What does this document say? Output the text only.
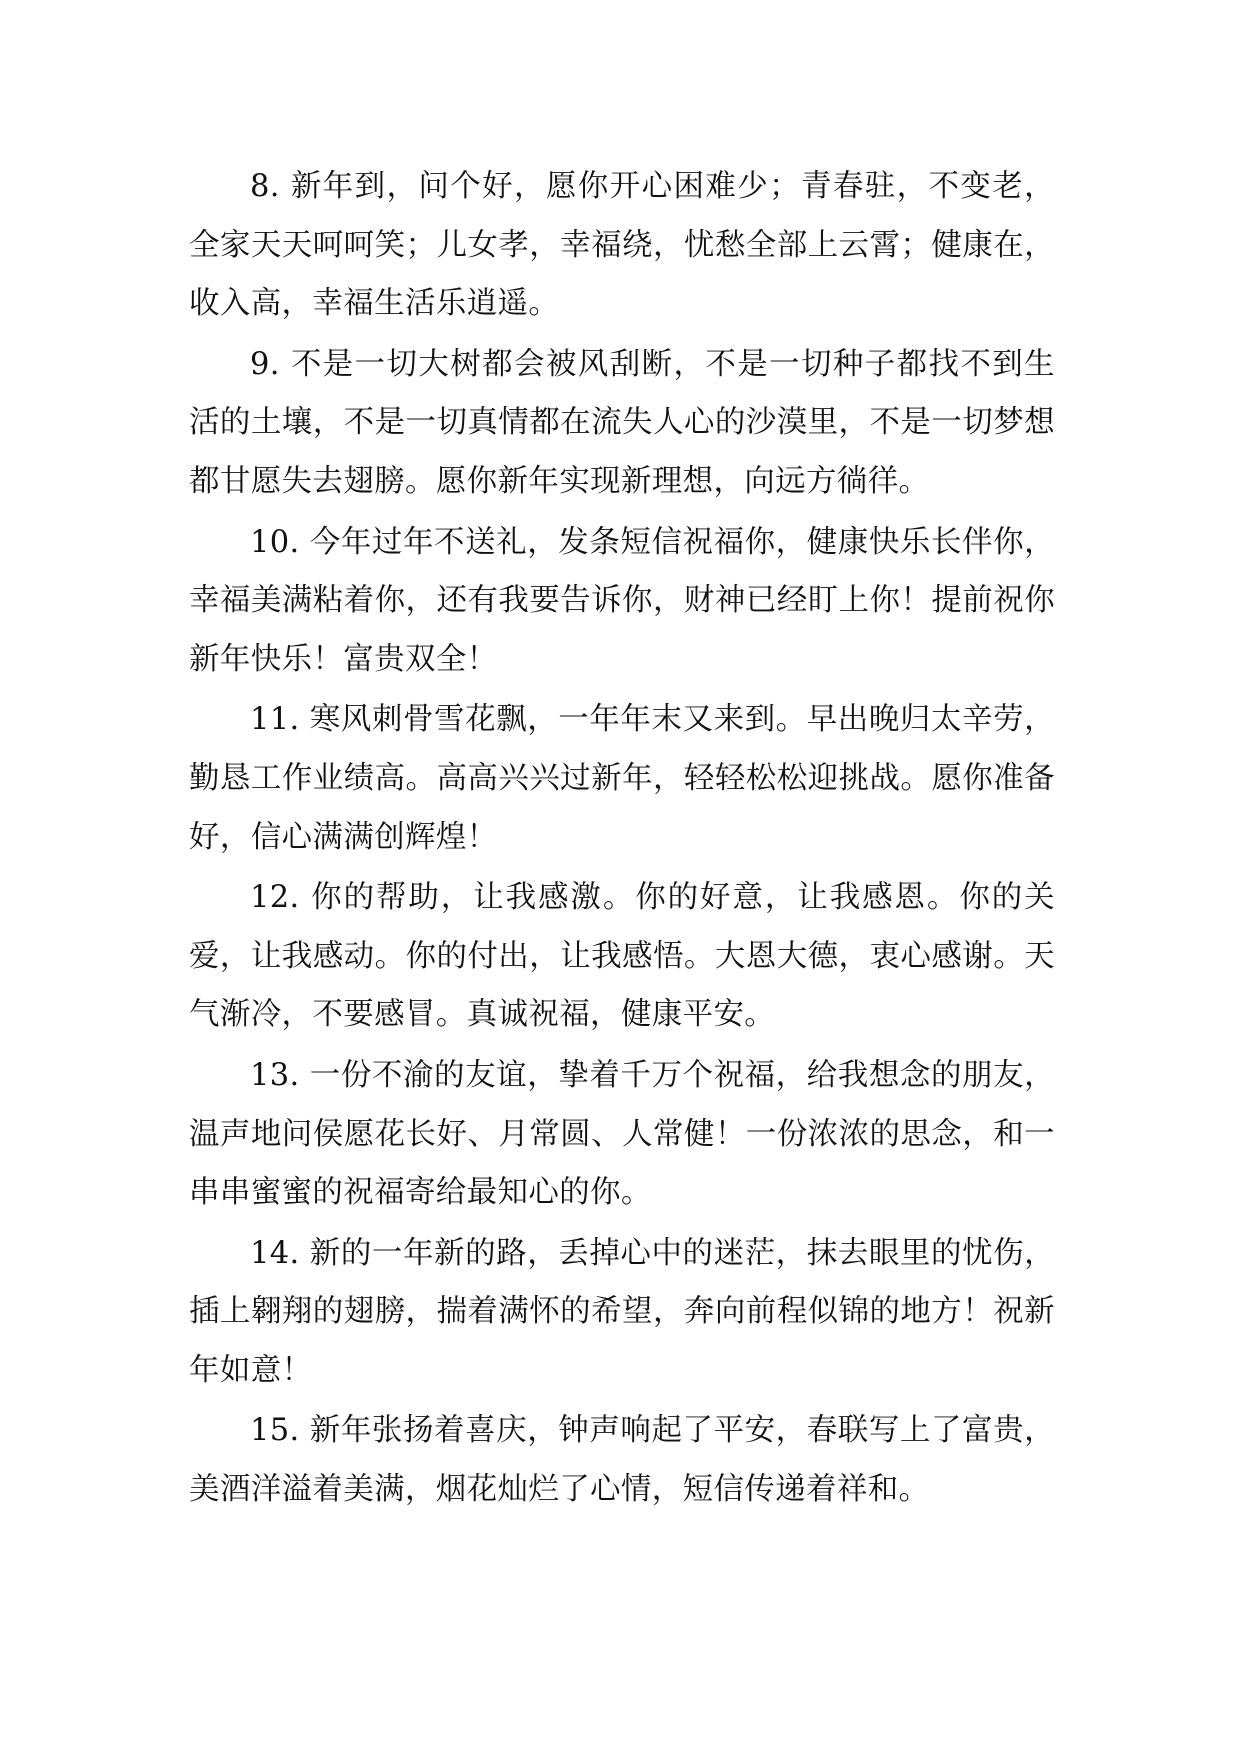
8. 新年到，问个好，愿你开心困难少；青春驻，不变老，全家天天呵呵笑；儿女孝，幸福绕，忧愁全部上云霄；健康在，收入高，幸福生活乐逍遥。

9. 不是一切大树都会被风刮断，不是一切种子都找不到生活的土壤，不是一切真情都在流失人心的沙漠里，不是一切梦想都甘愿失去翅膀。愿你新年实现新理想，向远方徜徉。

10. 今年过年不送礼，发条短信祝福你，健康快乐长伴你，幸福美满粘着你，还有我要告诉你，财神已经盯上你！提前祝你新年快乐！富贵双全！

11. 寒风刺骨雪花飘，一年年末又来到。早出晚归太辛劳，勤恳工作业绩高。高高兴兴过新年，轻轻松松迎挑战。愿你准备好，信心满满创辉煌！

12. 你的帮助，让我感激。你的好意，让我感恩。你的关爱，让我感动。你的付出，让我感悟。大恩大德，衷心感谢。天气渐冷，不要感冒。真诚祝福，健康平安。

13. 一份不渝的友谊，挚着千万个祝福，给我想念的朋友，温声地问侯愿花长好、月常圆、人常健！一份浓浓的思念，和一串串蜜蜜的祝福寄给最知心的你。

14. 新的一年新的路，丢掉心中的迷茫，抹去眼里的忧伤，插上翱翔的翅膀，揣着满怀的希望，奔向前程似锦的地方！祝新年如意！

15. 新年张扬着喜庆，钟声响起了平安，春联写上了富贵，美酒洋溢着美满，烟花灿烂了心情，短信传递着祥和。
